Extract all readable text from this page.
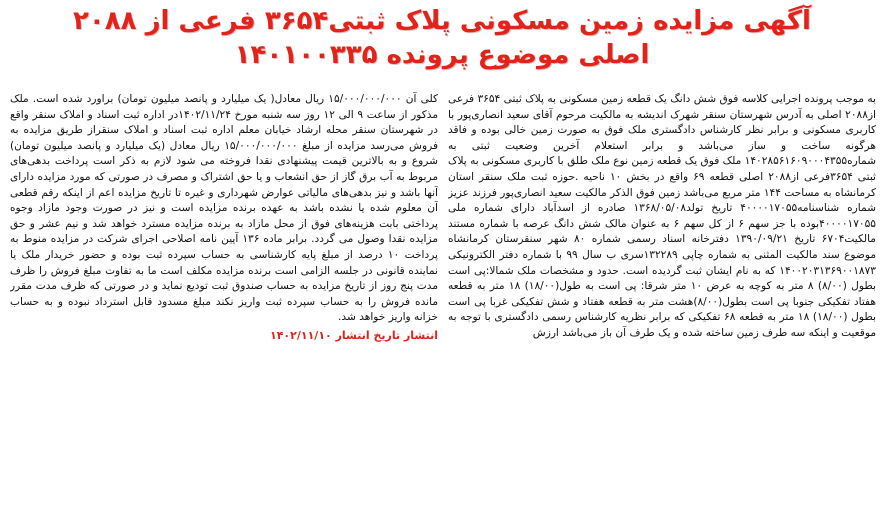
آگهی مزایده زمین مسکونی پلاک ثبتی۳۶۵۴ فرعی از ۲۰۸۸
اصلی موضوع پرونده ۱۴۰۱۰۰۳۳۵

به موجب پرونده اجرایی کلاسه فوق شش دانگ یک قطعه زمین مسکونی به پلاک ثبتی ۳۶۵۴ فرعی از۲۰۸۸ اصلی به آدرس شهرستان سنقر شهرک اندیشه به مالکیت مرحوم آقای سعید انصاری‌پور با کاربری مسکونی و برابر نظر کارشناس دادگستری ملک فوق به صورت زمین خالی بوده و فاقد هرگونه ساخت و ساز می‌باشد و برابر استعلام آخرین وضعیت ثبتی به شماره۱۴۰۲۸۵۶۱۶۰۹۰۰۰۴۳۵۵ ملک فوق یک قطعه زمین نوع ملک طلق با کاربری مسکونی به پلاک ثبتی ۳۶۵۴فرعی از۲۰۸۸ اصلی قطعه ۶۹ واقع در بخش ۱۰ ناحیه .حوزه ثبت ملک سنقر استان کرمانشاه به مساحت ۱۴۴ متر مربع می‌باشد زمین فوق الذکر مالکیت سعید انصاری‌پور فرزند عزیز شماره شناسنامه۴۰۰۰۰۱۷۰۵۵ تاریخ تولد۱۳۶۸/۰۵/۰۸ صادره از اسدآباد دارای شماره ملی ۴۰۰۰۰۱۷۰۵۵بوده با جز سهم ۶ از کل سهم ۶ به عنوان مالک شش دانگ عرصه با شماره مستند مالکیت۶۷۰۴ تاریخ ۱۳۹۰/۰۹/۲۱ دفترخانه اسناد رسمی شماره ۸۰ شهر سنقرستان کرمانشاه موضوع سند مالکیت المثنی به شماره چاپی ۱۳۲۲۸۹سری ب سال ۹۹ با شماره دفتر الکترونیکی ۱۴۰۰۲۰۳۱۳۶۹۰۰۱۸۷۳ که به نام ایشان ثبت گردیده است. حدود و مشخصات ملک شمالا:پی است بطول (۸/۰۰) ۸ متر به کوچه به عرض ۱۰ متر شرقا: پی است به طول(۱۸/۰۰) ۱۸ متر به قطعه هفتاد تفکیکی جنوبا پی است بطول(۸/۰۰)هشت متر به قطعه هفتاد و شش تفکیکی غربا پی است بطول (۱۸/۰۰) ۱۸ متر به قطعه ۶۸ تفکیکی که برابر نظریه کارشناس رسمی دادگستری با توجه به موقعیت و اینکه سه طرف زمین ساخته شده و یک طرف آن باز می‌باشد ارزش

کلی آن ۱۵/۰۰۰/۰۰۰/۰۰۰ ریال معادل( یک میلیارد و پانصد میلیون تومان) براورد شده است. ملک مذکور از ساعت ۹ الی ۱۲ روز سه شنبه مورخ ۱۴۰۲/۱۱/۲۴در اداره ثبت اسناد و املاک سنقر واقع در شهرستان سنقر محله ارشاد خیابان معلم اداره ثبت اسناد و املاک سنقراز طریق مزایده به فروش می‌رسد مزایده از مبلغ ۱۵/۰۰۰/۰۰۰/۰۰۰ ریال معادل (یک میلیارد و پانصد میلیون تومان) شروع و به بالاترین قیمت پیشنهادی نقدا فروخته می شود لازم به ذکر است پرداخت بدهی‌های مربوط به آب برق گاز از حق انشعاب و یا حق اشتراک و مصرف در صورتی که مورد مزایده دارای آنها باشد و نیز بدهی‌های مالیاتی عوارض شهرداری و غیره تا تاریخ مزایده اعم از اینکه رقم قطعی آن معلوم شده یا نشده باشد به عهده برنده مزایده است و نیز در صورت وجود مازاد وجوه پرداختی بابت هزینه‌های فوق از محل مازاد به برنده مزایده مسترد خواهد شد و نیم عشر و حق مزایده نقدا وصول می گردد. برابر ماده ۱۳۶ آیین نامه اصلاحی اجرای شرکت در مزایده منوط به پرداخت ۱۰ درصد از مبلغ پایه کارشناسی به حساب سپرده ثبت بوده و حضور خریدار ملک یا نماینده قانونی در جلسه الزامی است برنده مزایده مکلف است ما به تفاوت مبلغ فروش را ظرف مدت پنج روز از تاریخ مزایده به حساب صندوق ثبت تودیع نماید و در صورتی که ظرف مدت مقرر مانده فروش را به حساب سپرده ثبت واریز نکند مبلغ مسدود قابل استرداد نبوده و به حساب خزانه واریز خواهد شد.

انتشار تاریخ انتشار ۱۴۰۲/۱۱/۱۰
